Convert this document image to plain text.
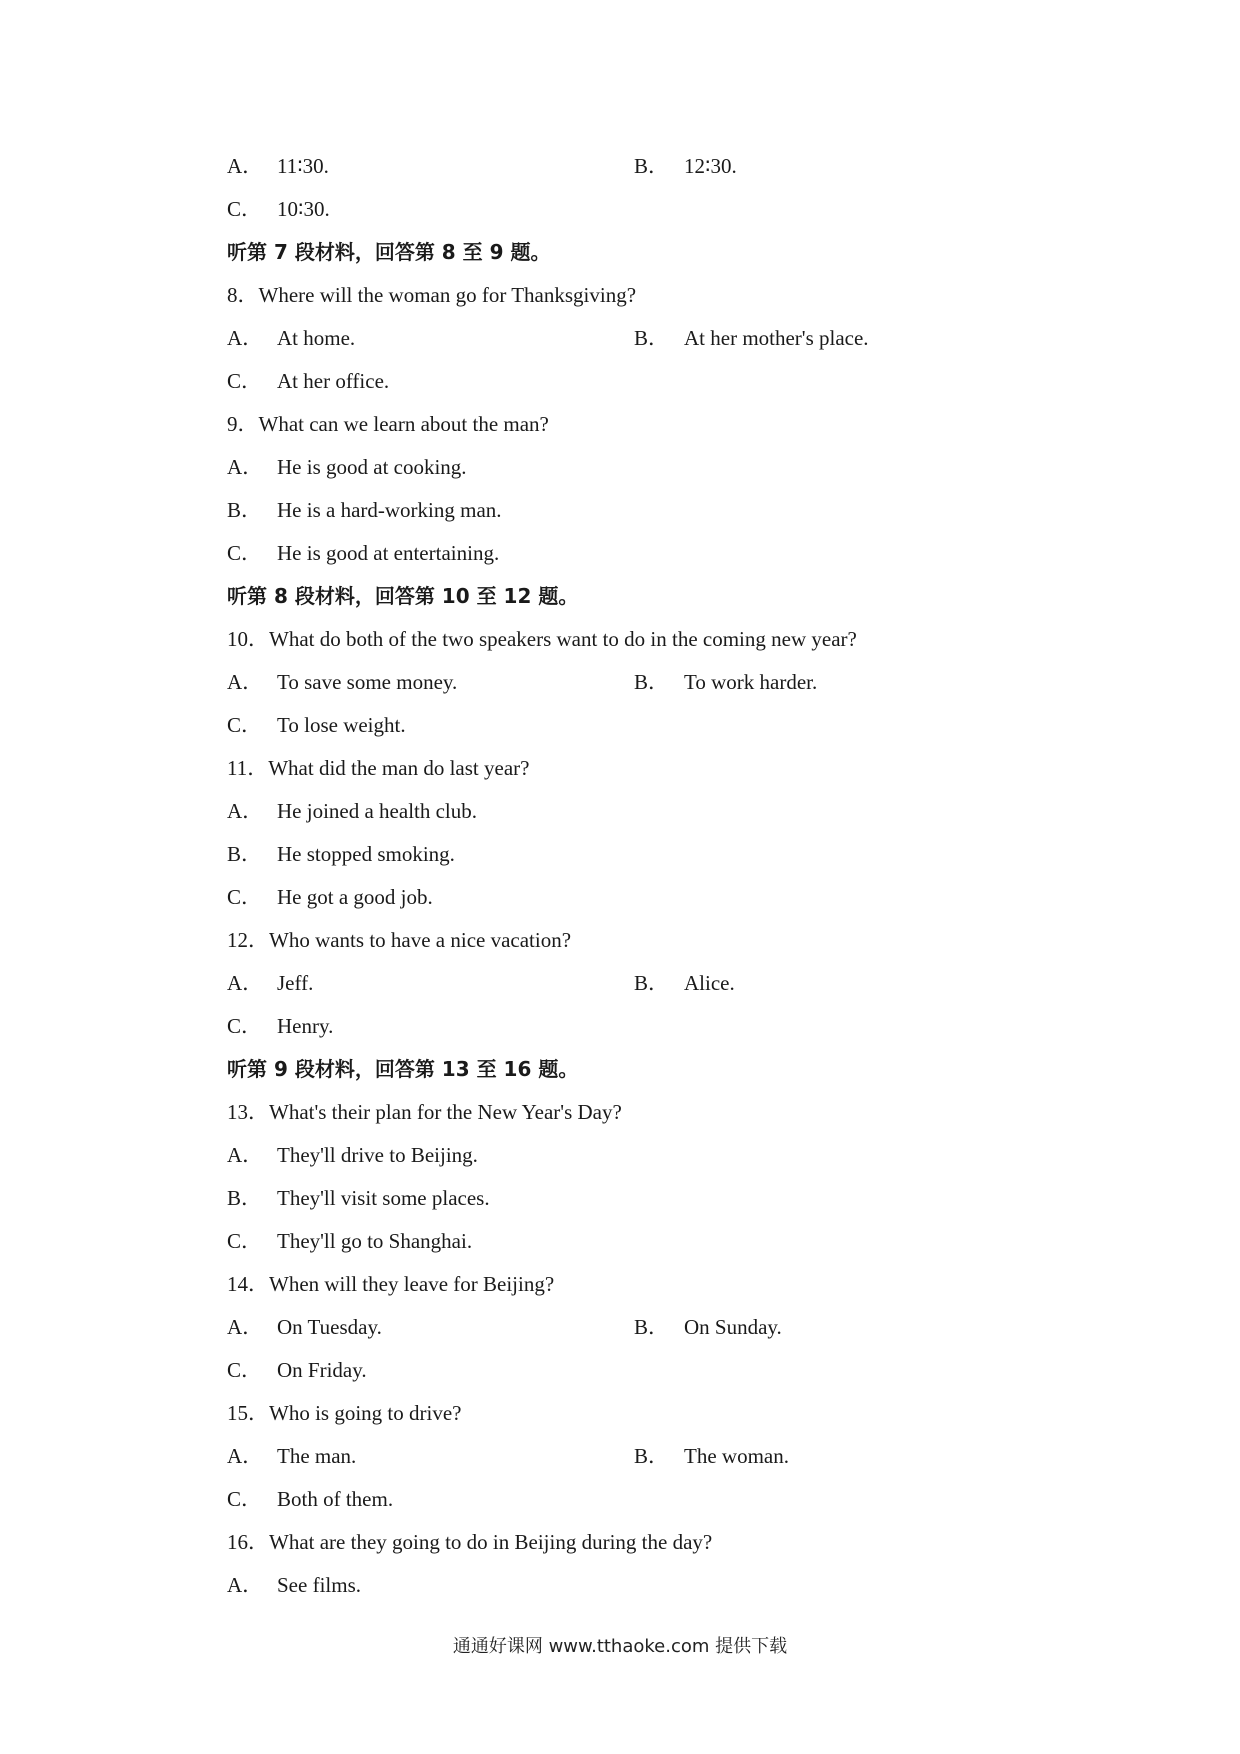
A． 11∶30.	B． 12∶30.
C． 10∶30.
听第 7 段材料，回答第 8 至 9 题。
8．Where will the woman go for Thanksgiving?
A． At home.	B． At her mother's place.
C． At her office.
9．What can we learn about the man?
A． He is good at cooking.
B． He is a hard-working man.
C． He is good at entertaining.
听第 8 段材料，回答第 10 至 12 题。
10．What do both of the two speakers want to do in the coming new year?
A． To save some money.	B． To work harder.
C． To lose weight.
11．What did the man do last year?
A． He joined a health club.
B． He stopped smoking.
C． He got a good job.
12．Who wants to have a nice vacation?
A． Jeff.	B． Alice.
C． Henry.
听第 9 段材料，回答第 13 至 16 题。
13．What's their plan for the New Year's Day?
A． They'll drive to Beijing.
B． They'll visit some places.
C． They'll go to Shanghai.
14．When will they leave for Beijing?
A． On Tuesday.	B． On Sunday.
C． On Friday.
15．Who is going to drive?
A． The man.	B． The woman.
C． Both of them.
16．What are they going to do in Beijing during the day?
A． See films.
通通好课网 www.tthaoke.com 提供下载
